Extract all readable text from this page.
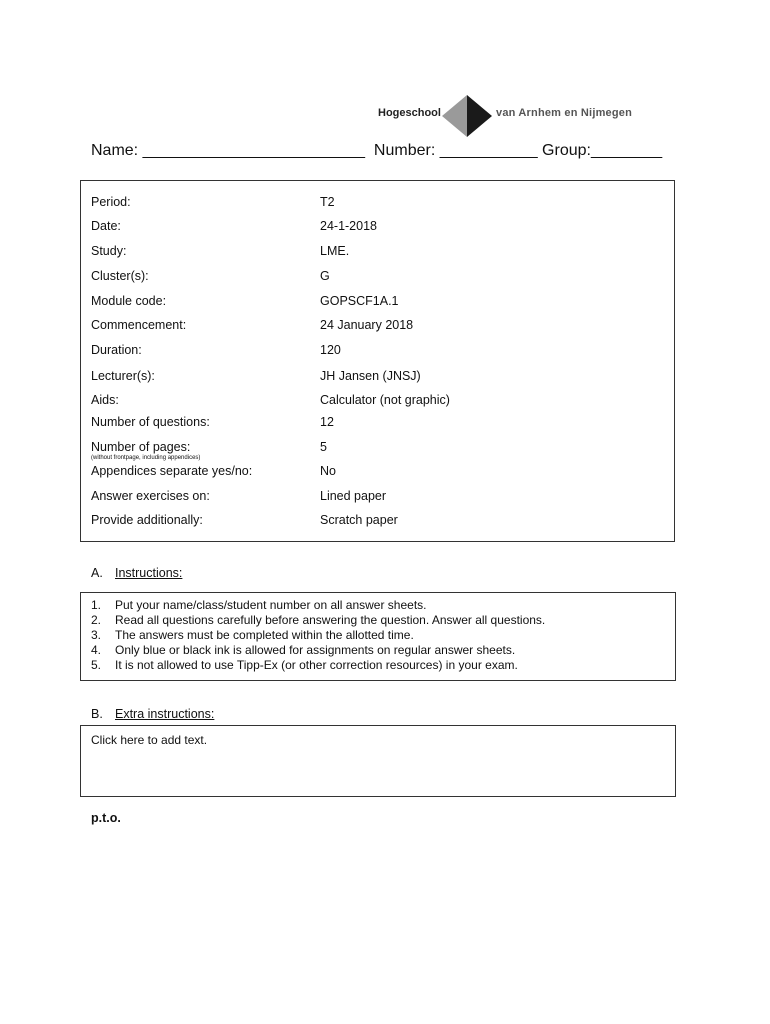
Hogeschool	van Arnhem en Nijmegen
Name: _________________________  Number: ___________ Group:________
Period:	T2
Date:	24-1-2018
Study:	LME.
Cluster(s):	G
Module code:	GOPSCF1A.1
Commencement:	24 January 2018
Duration:	120
Lecturer(s):	JH Jansen (JNSJ)
Aids:	Calculator (not graphic)
Number of questions:	12
Number of pages:	5
(without frontpage, including appendices)
Appendices separate yes/no:	No
Answer exercises on:	Lined paper
Provide additionally:	Scratch paper
A. Instructions:
1. Put your name/class/student number on all answer sheets.
2. Read all questions carefully before answering the question. Answer all questions.
3. The answers must be completed within the allotted time.
4. Only blue or black ink is allowed for assignments on regular answer sheets.
5. It is not allowed to use Tipp-Ex (or other correction resources) in your exam.
B. Extra instructions:
Click here to add text.
p.t.o.
